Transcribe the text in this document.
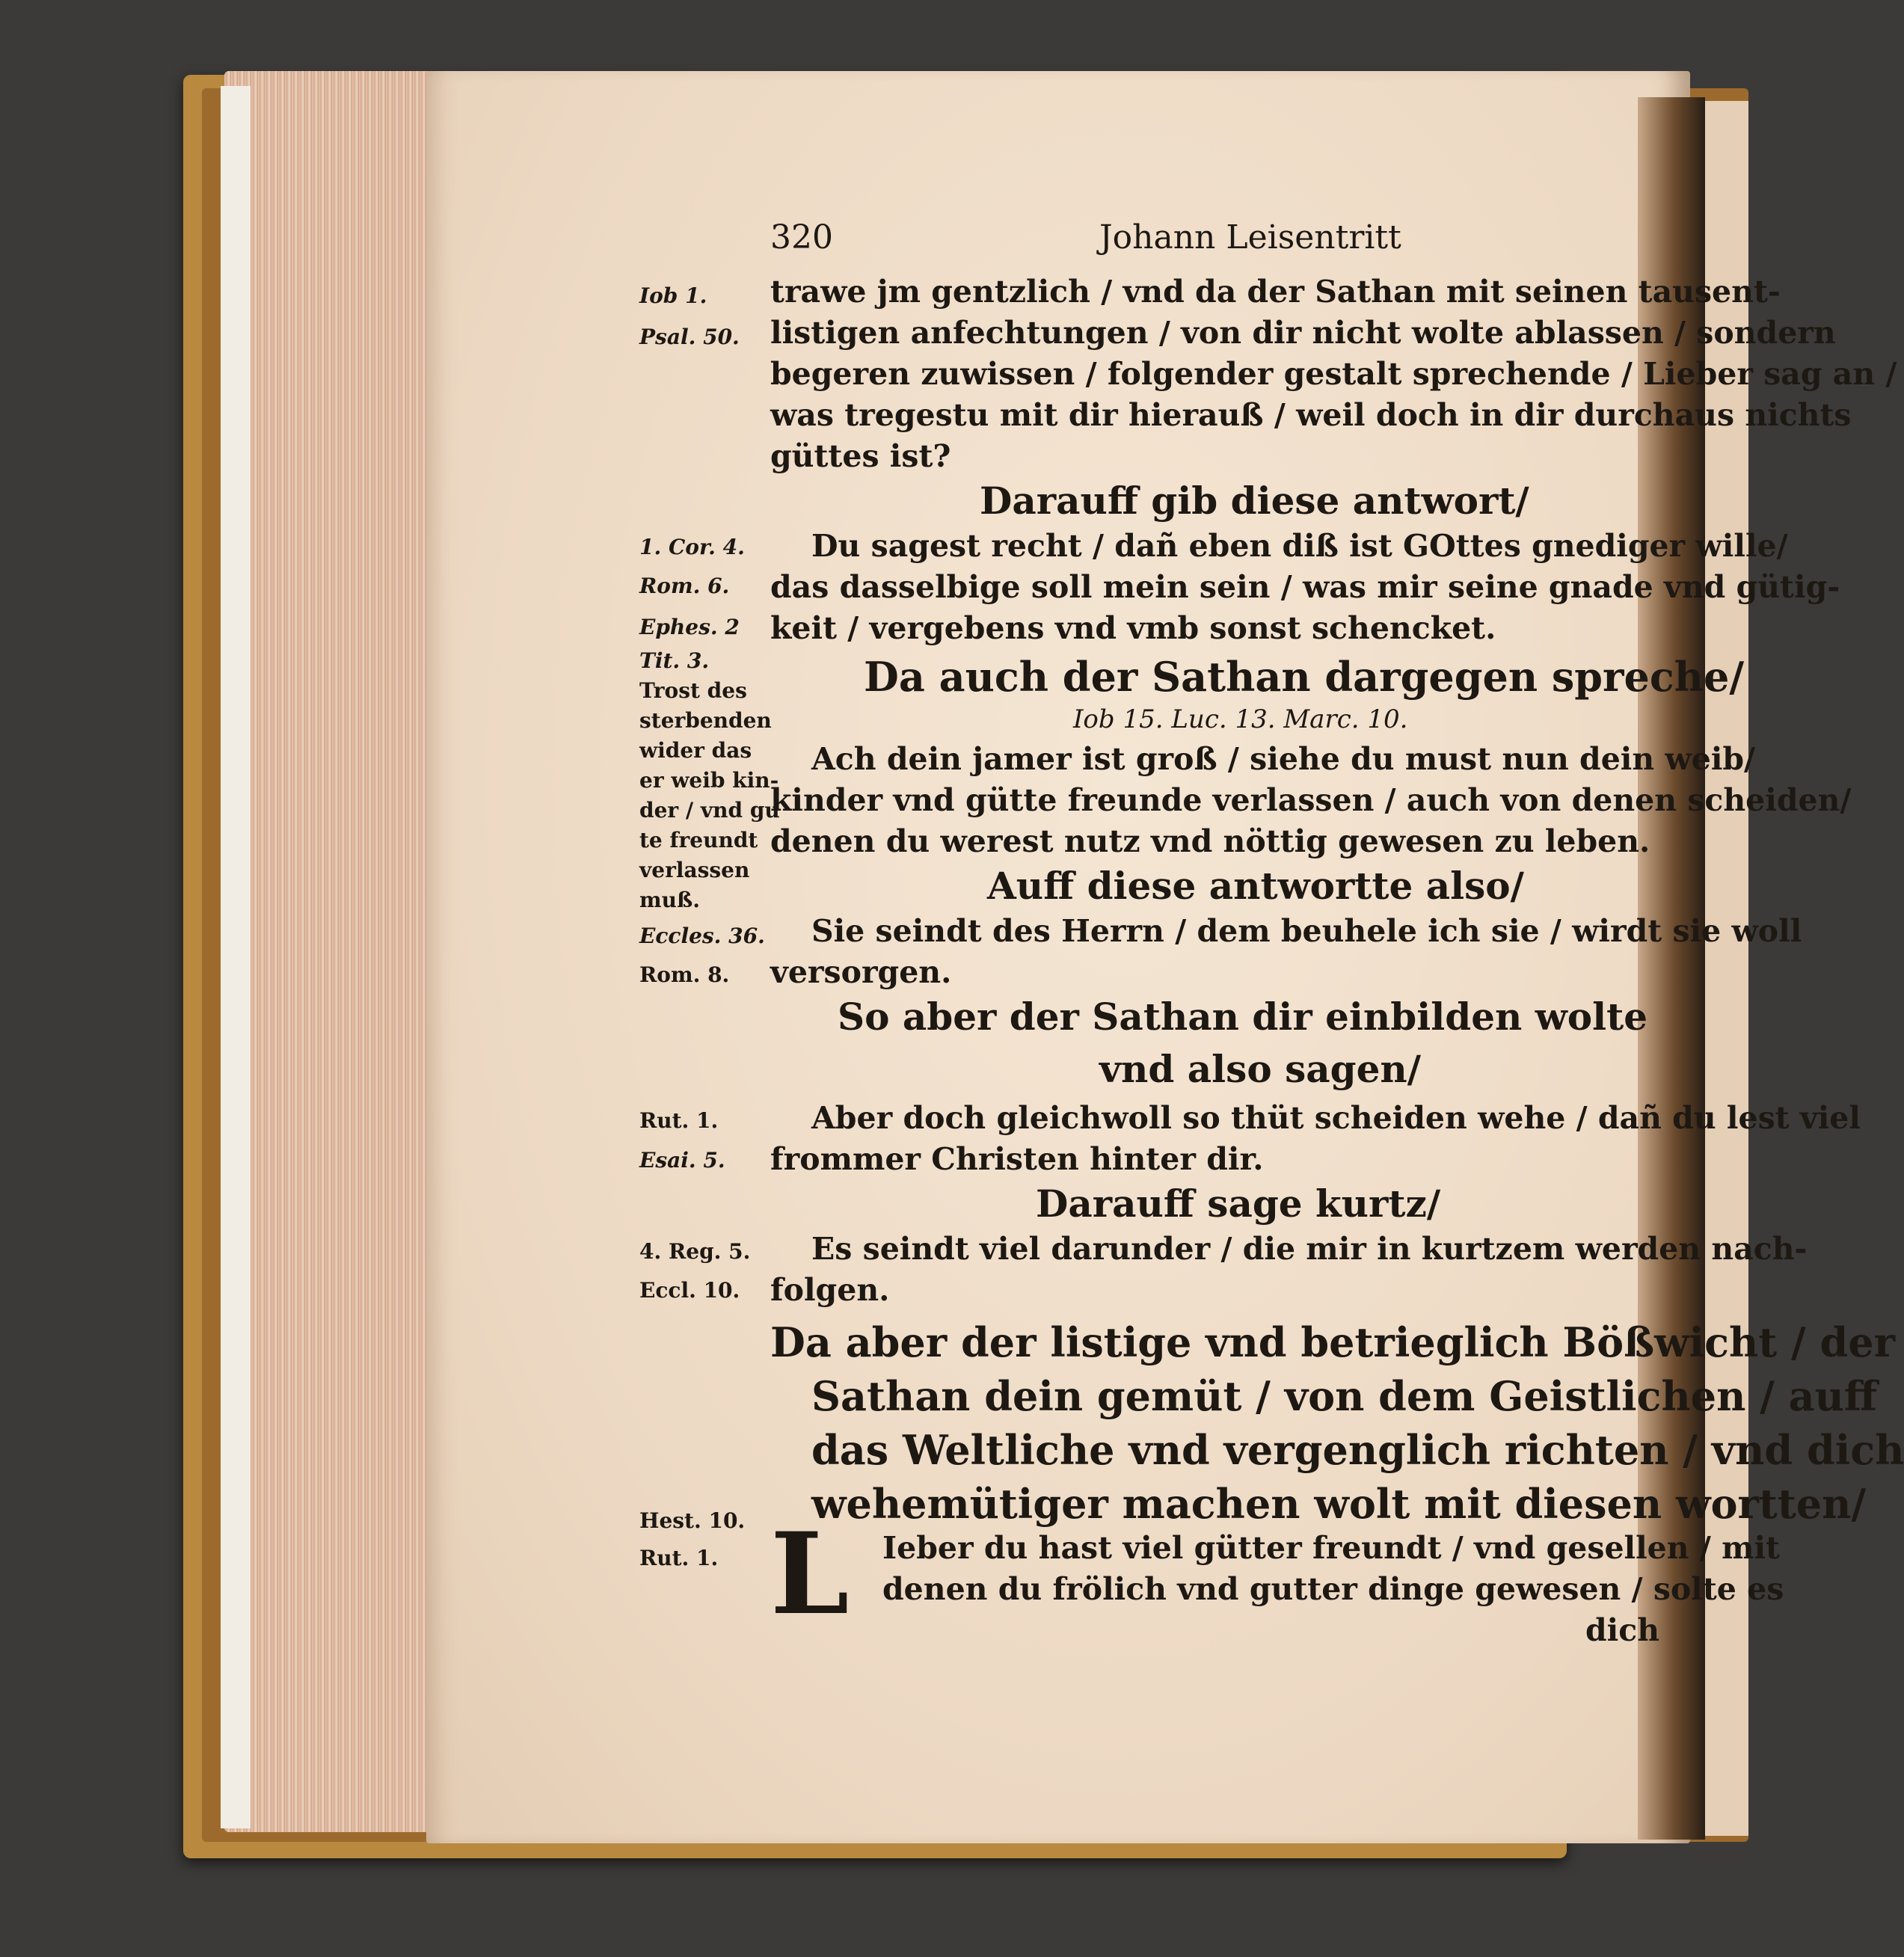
320	Johann Leisentritt
trawe jm gentzlich / vnd da der Sathan mit seinen tausent-
listigen anfechtungen / von dir nicht wolte ablassen / sondern
begeren zuwissen / folgender gestalt sprechende / Lieber sag an /
was tregestu mit dir hierauß / weil doch in dir durchaus nichts
güttes ist?
Darauff gib diese antwort/
Du sagest recht / dañ eben diß ist GOttes gnediger wille/
das dasselbige soll mein sein / was mir seine gnade vnd gütig-
keit / vergebens vnd vmb sonst schencket.
Da auch der Sathan dargegen spreche/
Iob 15. Luc. 13. Marc. 10.
Ach dein jamer ist groß / siehe du must nun dein weib/
kinder vnd gütte freunde verlassen / auch von denen scheiden/
denen du werest nutz vnd nöttig gewesen zu leben.
Auff diese antwortte also/
Sie seindt des Herrn / dem beuhele ich sie / wirdt sie woll
versorgen.
So aber der Sathan dir einbilden wolte
vnd also sagen/
Aber doch gleichwoll so thüt scheiden wehe / dañ du lest viel
frommer Christen hinter dir.
Darauff sage kurtz/
Es seindt viel darunder / die mir in kurtzem werden nach-
folgen.
Da aber der listige vnd betrieglich Bößwicht / der
Sathan dein gemüt / von dem Geistlichen / auff
das Weltliche vnd vergenglich richten / vnd dich
wehemütiger machen wolt mit diesen wortten/
L	Ieber du hast viel gütter freundt / vnd gesellen / mit
denen du frölich vnd gutter dinge gewesen / solte es
dich
Iob 1.
Psal. 50.
1. Cor. 4.
Rom. 6.
Ephes. 2
Tit. 3.
Trost des
sterbenden
wider das
er weib kin-
der / vnd gu
te freundt
verlassen
muß.
Eccles. 36.
Rom. 8.
Rut. 1.
Esai. 5.
4. Reg. 5.
Eccl. 10.
Hest. 10.
Rut. 1.
